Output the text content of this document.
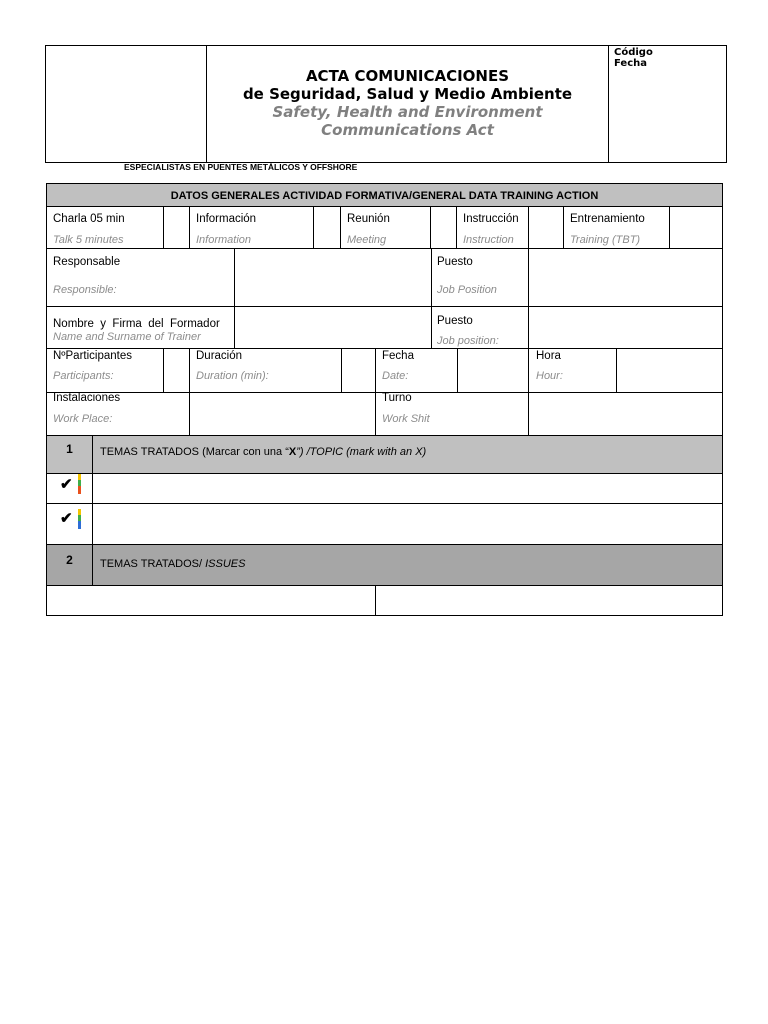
ACTA COMUNICACIONES
de Seguridad, Salud y Medio Ambiente
Safety, Health and Environment
Communications Act
Código
Fecha
ESPECIALISTAS EN PUENTES METÁLICOS Y OFFSHORE
DATOS GENERALES ACTIVIDAD FORMATIVA/GENERAL DATA TRAINING ACTION
Charla 05 min
Talk 5 minutes
Información
Information
Reunión
Meeting
Instrucción
Instruction
Entrenamiento
Training (TBT)
Responsable
Responsible:
Puesto
Job Position
Nombre  y  Firma  del  Formador
Name and Surname of Trainer
Puesto
Job position:
NºParticipantes
Participants:
Duración
Duration (min):
Fecha
Date:
Hora
Hour:
Instalaciones
Work Place:
Turno
Work Shit
1	TEMAS TRATADOS (Marcar con una “X”) /TOPIC (mark with an X)
✔
✔
2	TEMAS TRATADOS/ ISSUES
